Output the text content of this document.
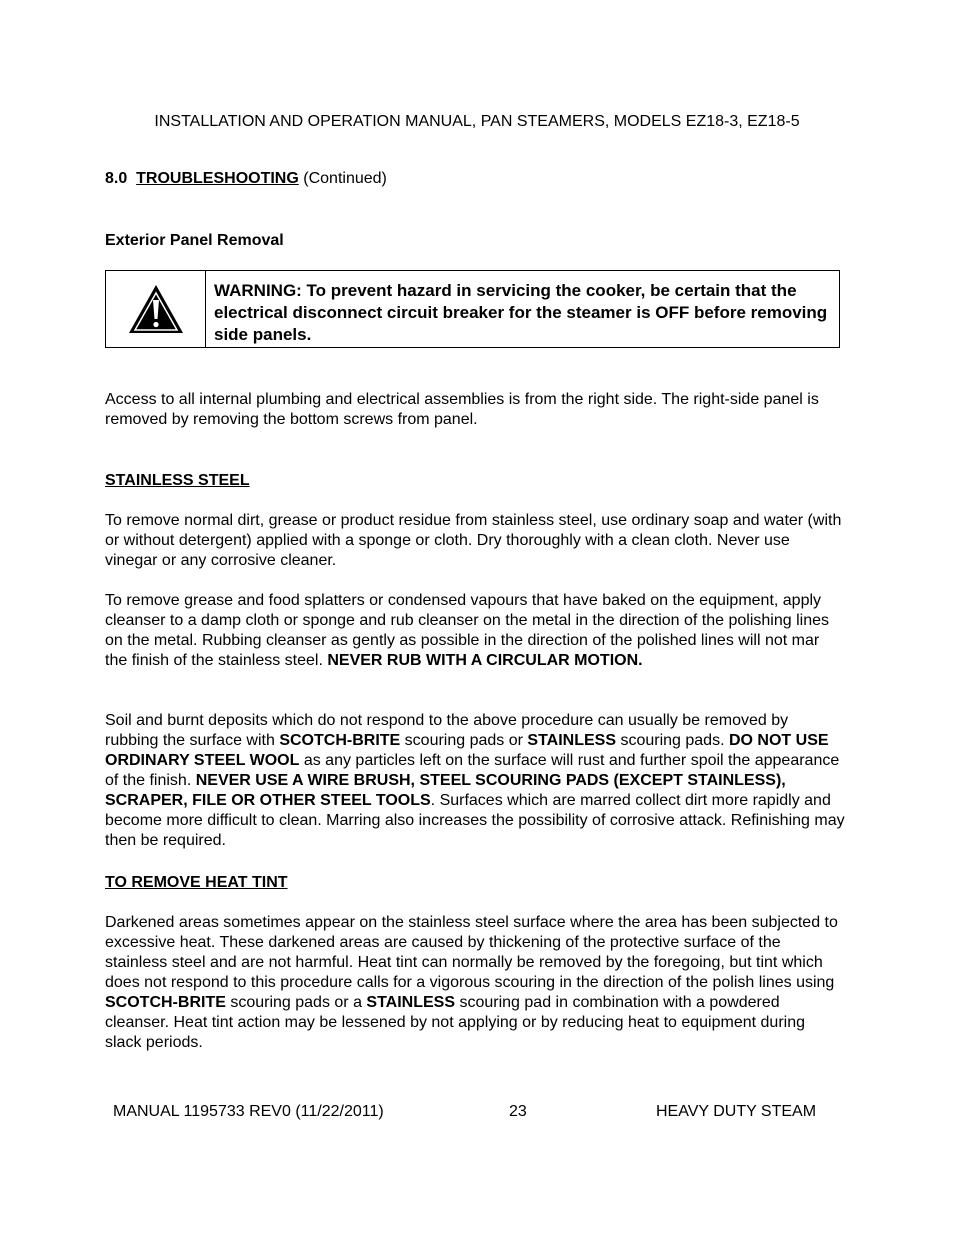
INSTALLATION AND OPERATION MANUAL, PAN STEAMERS, MODELS EZ18-3, EZ18-5
8.0 TROUBLESHOOTING (Continued)
Exterior Panel Removal
WARNING: To prevent hazard in servicing the cooker, be certain that the electrical disconnect circuit breaker for the steamer is OFF before removing side panels.
Access to all internal plumbing and electrical assemblies is from the right side. The right-side panel is removed by removing the bottom screws from panel.
STAINLESS STEEL
To remove normal dirt, grease or product residue from stainless steel, use ordinary soap and water (with or without detergent) applied with a sponge or cloth. Dry thoroughly with a clean cloth. Never use vinegar or any corrosive cleaner.
To remove grease and food splatters or condensed vapours that have baked on the equipment, apply cleanser to a damp cloth or sponge and rub cleanser on the metal in the direction of the polishing lines on the metal. Rubbing cleanser as gently as possible in the direction of the polished lines will not mar the finish of the stainless steel. NEVER RUB WITH A CIRCULAR MOTION.
Soil and burnt deposits which do not respond to the above procedure can usually be removed by rubbing the surface with SCOTCH-BRITE scouring pads or STAINLESS scouring pads. DO NOT USE ORDINARY STEEL WOOL as any particles left on the surface will rust and further spoil the appearance of the finish. NEVER USE A WIRE BRUSH, STEEL SCOURING PADS (EXCEPT STAINLESS), SCRAPER, FILE OR OTHER STEEL TOOLS. Surfaces which are marred collect dirt more rapidly and become more difficult to clean. Marring also increases the possibility of corrosive attack. Refinishing may then be required.
TO REMOVE HEAT TINT
Darkened areas sometimes appear on the stainless steel surface where the area has been subjected to excessive heat. These darkened areas are caused by thickening of the protective surface of the stainless steel and are not harmful. Heat tint can normally be removed by the foregoing, but tint which does not respond to this procedure calls for a vigorous scouring in the direction of the polish lines using SCOTCH-BRITE scouring pads or a STAINLESS scouring pad in combination with a powdered cleanser. Heat tint action may be lessened by not applying or by reducing heat to equipment during slack periods.
MANUAL 1195733 REV0 (11/22/2011)	23	HEAVY DUTY STEAM
